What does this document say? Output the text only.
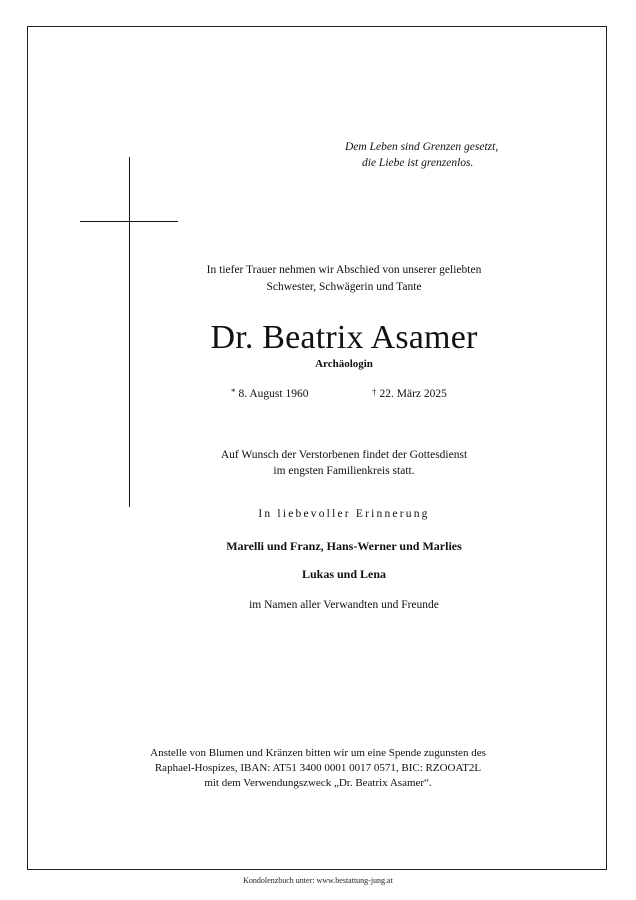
Dem Leben sind Grenzen gesetzt,
die Liebe ist grenzenlos.
In tiefer Trauer nehmen wir Abschied von unserer geliebten
Schwester, Schwägerin und Tante
Dr. Beatrix Asamer
Archäologin
* 8. August 1960	† 22. März 2025
Auf Wunsch der Verstorbenen findet der Gottesdienst
im engsten Familienkreis statt.
In liebevoller Erinnerung
Marelli und Franz, Hans-Werner und Marlies
Lukas und Lena
im Namen aller Verwandten und Freunde
Anstelle von Blumen und Kränzen bitten wir um eine Spende zugunsten des
Raphael-Hospizes, IBAN: AT51 3400 0001 0017 0571, BIC: RZOOAT2L
mit dem Verwendungszweck „Dr. Beatrix Asamer“.
Kondolenzbuch unter: www.bestattung-jung.at
